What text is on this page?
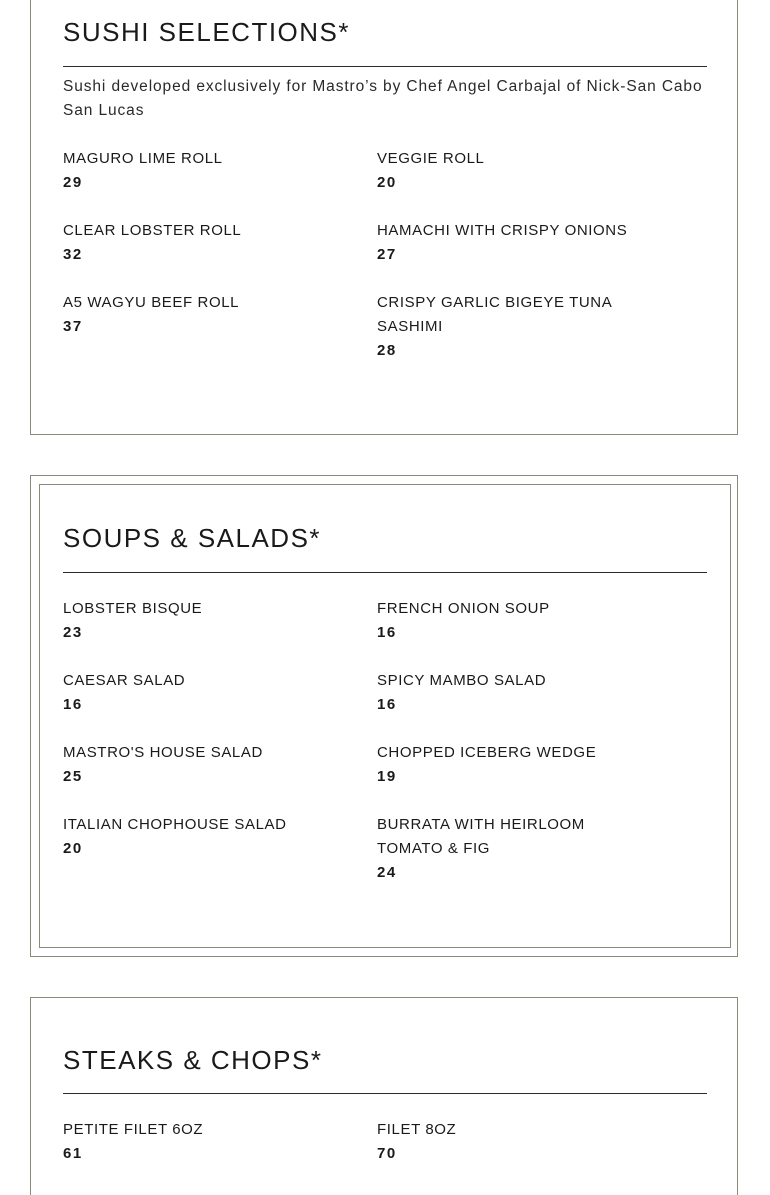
SUSHI SELECTIONS*
Sushi developed exclusively for Mastro’s by Chef Angel Carbajal of Nick-San Cabo San Lucas
MAGURO LIME ROLL
29
VEGGIE ROLL
20
CLEAR LOBSTER ROLL
32
HAMACHI WITH CRISPY ONIONS
27
A5 WAGYU BEEF ROLL
37
CRISPY GARLIC BIGEYE TUNA SASHIMI
28
SOUPS & SALADS*
LOBSTER BISQUE
23
FRENCH ONION SOUP
16
CAESAR SALAD
16
SPICY MAMBO SALAD
16
MASTRO'S HOUSE SALAD
25
CHOPPED ICEBERG WEDGE
19
ITALIAN CHOPHOUSE SALAD
20
BURRATA WITH HEIRLOOM TOMATO & FIG
24
STEAKS & CHOPS*
PETITE FILET 6OZ
61
FILET 8OZ
70
